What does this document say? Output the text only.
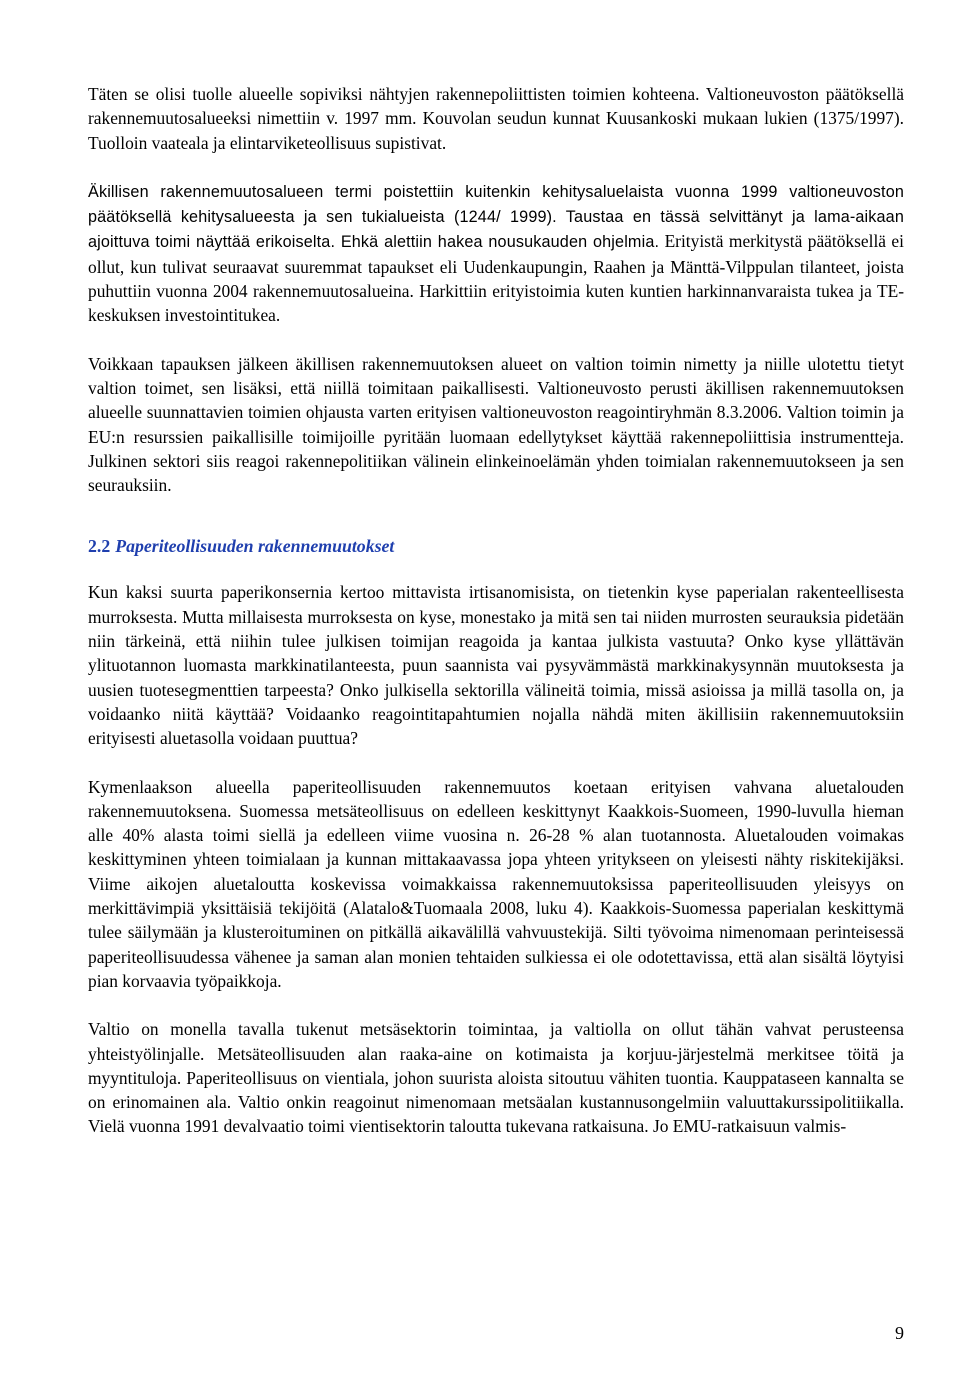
Täten se olisi tuolle alueelle sopiviksi nähtyjen rakennepoliittisten toimien kohteena. Valtioneuvoston päätöksellä rakennemuutosalueeksi nimettiin v. 1997 mm. Kouvolan seudun kunnat Kuusankoski mukaan lukien (1375/1997). Tuolloin vaateala ja elintarviketeollisuus supistivat.

Äkillisen rakennemuutosalueen termi poistettiin kuitenkin kehitysaluelaista vuonna 1999 valtioneuvoston päätöksellä kehitysalueesta ja sen tukialueista (1244/ 1999). Taustaa en tässä selvittänyt ja lama-aikaan ajoittuva toimi näyttää erikoiselta. Ehkä alettiin hakea nousukauden ohjelmia. Erityistä merkitystä päätöksellä ei ollut, kun tulivat seuraavat suuremmat tapaukset eli Uudenkaupungin, Raahen ja Mänttä-Vilppulan tilanteet, joista puhuttiin vuonna 2004 rakennemuutosalueina. Harkittiin erityistoimia kuten kuntien harkinnanvaraista tukea ja TE-keskuksen investointitukea.

Voikkaan tapauksen jälkeen äkillisen rakennemuutoksen alueet on valtion toimin nimetty ja niille ulotettu tietyt valtion toimet, sen lisäksi, että niillä toimitaan paikallisesti. Valtioneuvosto perusti äkillisen rakennemuutoksen alueelle suunnattavien toimien ohjausta varten erityisen valtioneuvoston reagointiryhmän 8.3.2006. Valtion toimin ja EU:n resurssien paikallisille toimijoille pyritään luomaan edellytykset käyttää rakennepoliittisia instrumentteja. Julkinen sektori siis reagoi rakennepolitiikan välinein elinkeinoelämän yhden toimialan rakennemuutokseen ja sen seurauksiin.

2.2 Paperiteollisuuden rakennemuutokset

Kun kaksi suurta paperikonsernia kertoo mittavista irtisanomisista, on tietenkin kyse paperialan rakenteellisesta murroksesta. Mutta millaisesta murroksesta on kyse, monestako ja mitä sen tai niiden murrosten seurauksia pidetään niin tärkeinä, että niihin tulee julkisen toimijan reagoida ja kantaa julkista vastuuta? Onko kyse yllättävän ylituotannon luomasta markkinatilanteesta, puun saannista vai pysyvämmästä markkinakysynnän muutoksesta ja uusien tuotesegmenttien tarpeesta? Onko julkisella sektorilla välineitä toimia, missä asioissa ja millä tasolla on, ja voidaanko niitä käyttää? Voidaanko reagointitapahtumien nojalla nähdä miten äkillisiin rakennemuutoksiin erityisesti aluetasolla voidaan puuttua?

Kymenlaakson alueella paperiteollisuuden rakennemuutos koetaan erityisen vahvana aluetalouden rakennemuutoksena. Suomessa metsäteollisuus on edelleen keskittynyt Kaakkois-Suomeen, 1990-luvulla hieman alle 40% alasta toimi siellä ja edelleen viime vuosina n. 26-28 % alan tuotannosta. Aluetalouden voimakas keskittyminen yhteen toimialaan ja kunnan mittakaavassa jopa yhteen yritykseen on yleisesti nähty riskitekijäksi. Viime aikojen aluetaloutta koskevissa voimakkaissa rakennemuutoksissa paperiteollisuuden yleisyys on merkittävimpiä yksittäisiä tekijöitä (Alatalo&Tuomaala 2008, luku 4). Kaakkois-Suomessa paperialan keskittymä tulee säilymään ja klusteroituminen on pitkällä aikavälillä vahvuustekijä. Silti työvoima nimenomaan perinteisessä paperiteollisuudessa vähenee ja saman alan monien tehtaiden sulkiessa ei ole odotettavissa, että alan sisältä löytyisi pian korvaavia työpaikkoja.

Valtio on monella tavalla tukenut metsäsektorin toimintaa, ja valtiolla on ollut tähän vahvat perusteensa yhteistyölinjalle. Metsäteollisuuden alan raaka-aine on kotimaista ja korjuu-järjestelmä merkitsee töitä ja myyntituloja. Paperiteollisuus on vientiala, johon suurista aloista sitoutuu vähiten tuontia. Kauppataseen kannalta se on erinomainen ala. Valtio onkin reagoinut nimenomaan metsäalan kustannusongelmiin valuuttakurssipolitiikalla. Vielä vuonna 1991 devalvaatio toimi vientisektorin taloutta tukevana ratkaisuna. Jo EMU-ratkaisuun valmis-

9
